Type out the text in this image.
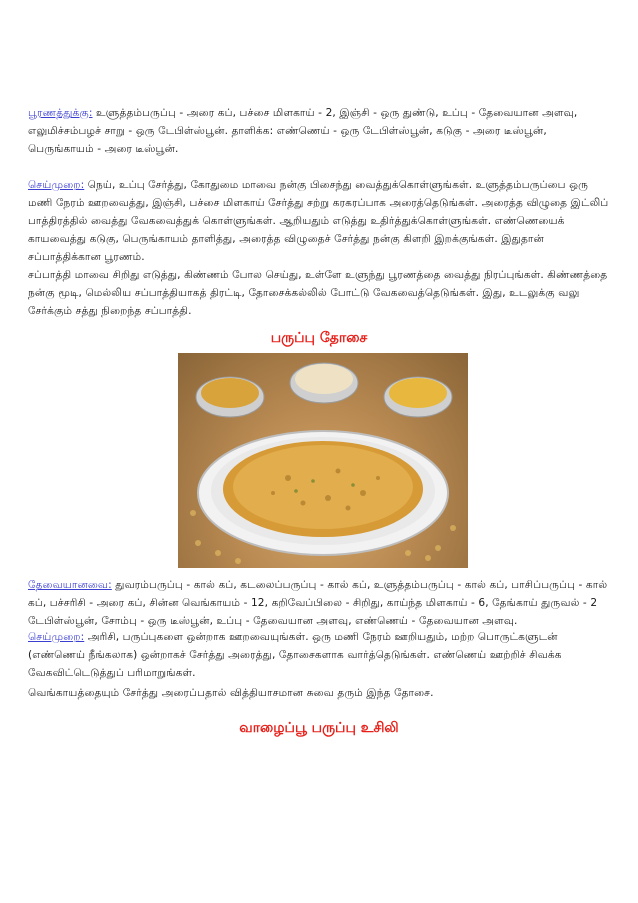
பூரணத்துக்கு: உளுத்தம்பருப்பு - அரை கப், பச்சை மிளகாய் - 2, இஞ்சி - ஒரு துண்டு, உப்பு - தேவையான அளவு, எலுமிச்சம்பழச் சாறு - ஒரு டேபிள்ஸ்பூன். தாளிக்க: எண்ணெய் - ஒரு டேபிள்ஸ்பூன், கடுகு - அரை டீஸ்பூன், பெருங்காயம் - அரை டீஸ்பூன்.

செய்முறை: நெய், உப்பு சேர்த்து, கோதுமை மாவை நன்கு பிசைந்து வைத்துக்கொள்ளுங்கள். உளுத்தம்பருப்பை ஒரு மணி நேரம் ஊறவைத்து, இஞ்சி, பச்சை மிளகாய் சேர்த்து சற்று கரகரப்பாக அரைத்தெடுங்கள். அரைத்த விழுதை இட்லிப் பாத்திரத்தில் வைத்து வேகவைத்துக் கொள்ளுங்கள். ஆறியதும் எடுத்து உதிர்த்துக்கொள்ளுங்கள். எண்ணெயைக் காயவைத்து கடுகு, பெருங்காயம் தாளித்து, அரைத்த விழுதைச் சேர்த்து நன்கு கிளறி இறக்குங்கள். இதுதான் சப்பாத்திக்கான பூரணம்.

சப்பாத்தி மாவை சிறிது எடுத்து, கிண்ணம் போல செய்து, உள்ளே உளுந்து பூரணத்தை வைத்து நிரப்புங்கள். கிண்ணத்தை நன்கு மூடி, மெல்லிய சப்பாத்தியாகத் திரட்டி, தோசைக்கல்லில் போட்டு வேகவைத்தெடுங்கள். இது, உடலுக்கு வலு சேர்க்கும் சத்து நிறைந்த சப்பாத்தி.

பருப்பு தோசை

தேவையானவை: துவரம்பருப்பு - கால் கப், கடலைப்பருப்பு - கால் கப், உளுத்தம்பருப்பு - கால் கப், பாசிப்பருப்பு - கால் கப், பச்சரிசி - அரை கப், சின்ன வெங்காயம் - 12, கறிவேப்பிலை - சிறிது, காய்ந்த மிளகாய் - 6, தேங்காய் துருவல் - 2 டேபிள்ஸ்பூன், சோம்பு - ஒரு டீஸ்பூன், உப்பு - தேவையான அளவு, எண்ணெய் - தேவையான அளவு.

செய்முறை: அரிசி, பருப்புகளை ஒன்றாக ஊறவையுங்கள். ஒரு மணி நேரம் ஊறியதும், மற்ற பொருட்களுடன் (எண்ணெய் நீங்கலாக) ஒன்றாகச் சேர்த்து அரைத்து, தோசைகளாக வார்த்தெடுங்கள். எண்ணெய் ஊற்றிச் சிவக்க வேகவிட்டெடுத்துப் பரிமாறுங்கள்.

வெங்காயத்தையும் சேர்த்து அரைப்பதால் வித்தியாசமான சுவை தரும் இந்த தோசை.

வாழைப்பூ பருப்பு உசிலி
